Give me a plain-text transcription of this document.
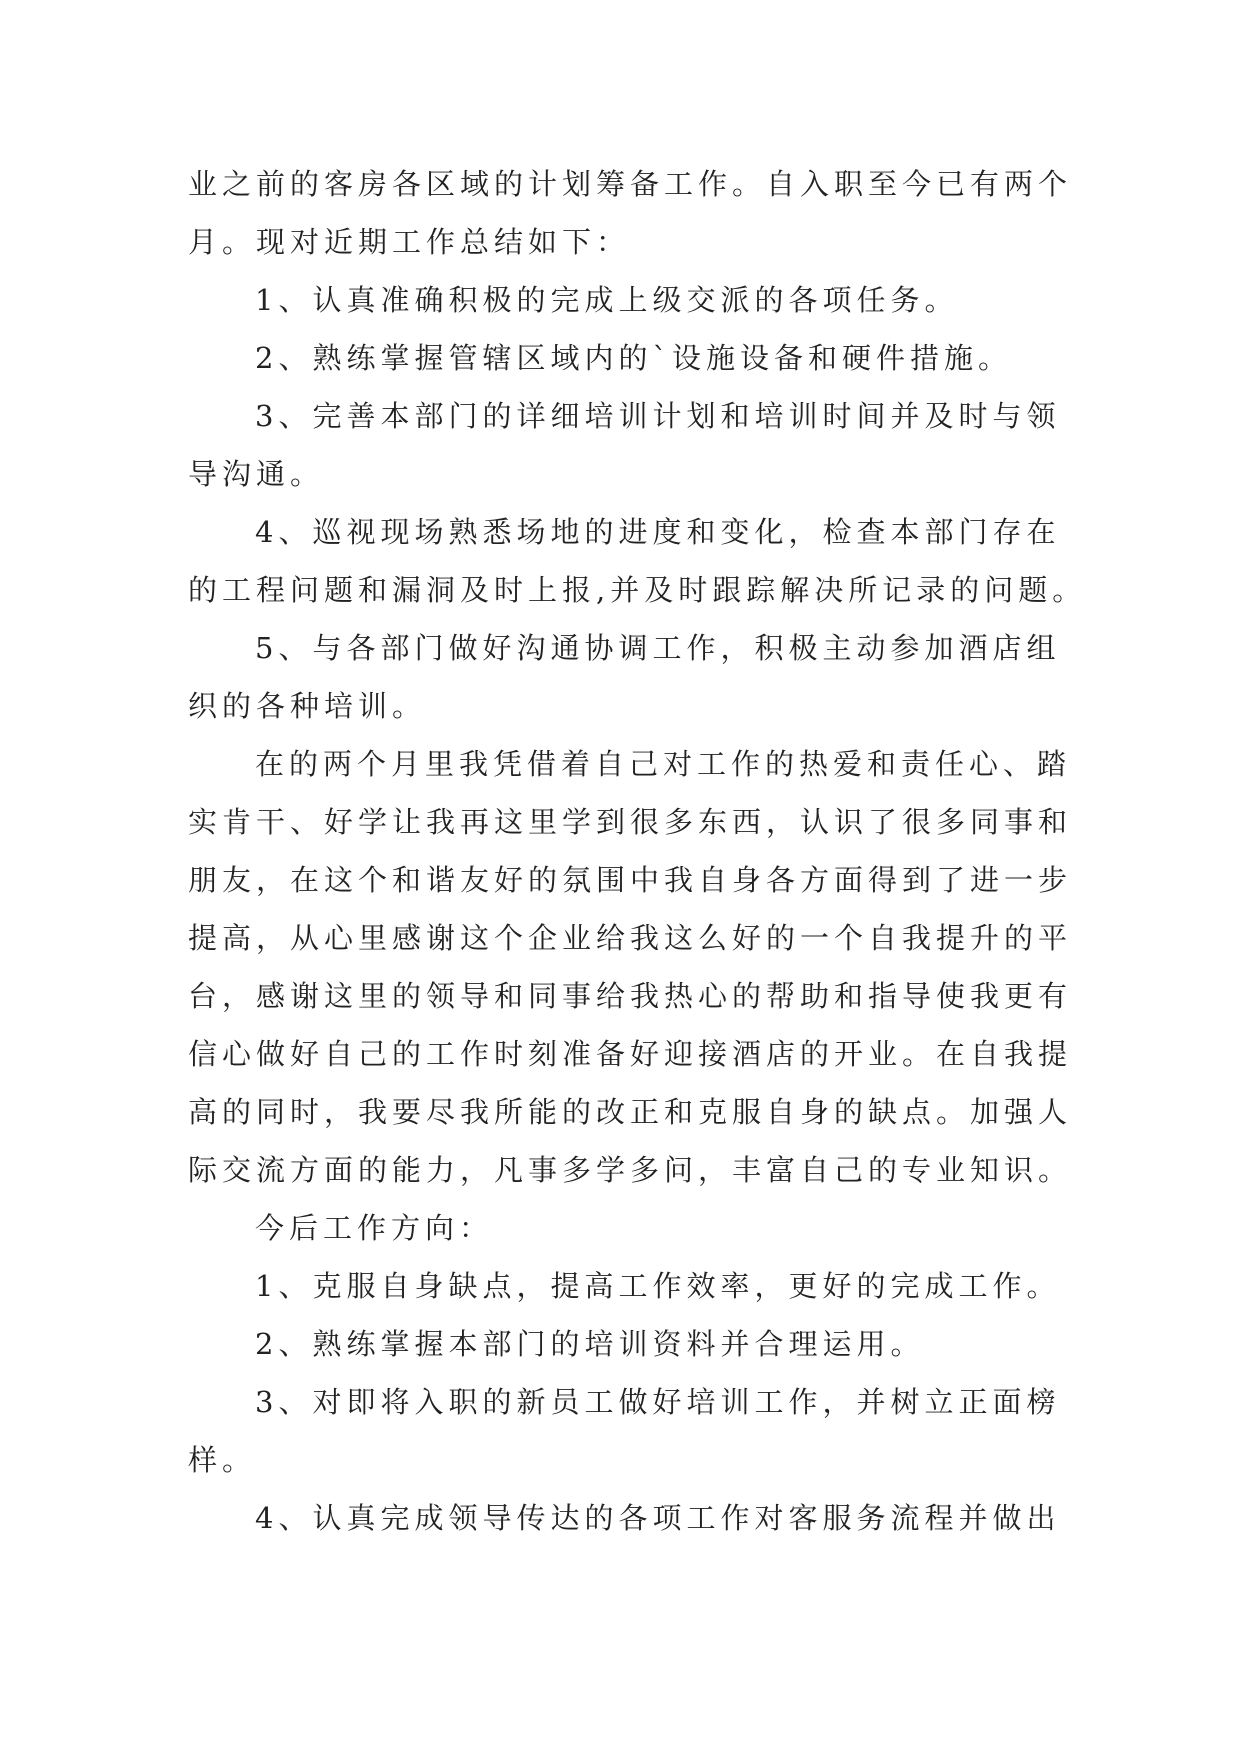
业之前的客房各区域的计划筹备工作。自入职至今已有两个
月。现对近期工作总结如下：
1、认真准确积极的完成上级交派的各项任务。
2、熟练掌握管辖区域内的`设施设备和硬件措施。
3、完善本部门的详细培训计划和培训时间并及时与领
导沟通。
4、巡视现场熟悉场地的进度和变化，检查本部门存在
的工程问题和漏洞及时上报,并及时跟踪解决所记录的问题。
5、与各部门做好沟通协调工作，积极主动参加酒店组
织的各种培训。
在的两个月里我凭借着自己对工作的热爱和责任心、踏
实肯干、好学让我再这里学到很多东西，认识了很多同事和
朋友，在这个和谐友好的氛围中我自身各方面得到了进一步
提高，从心里感谢这个企业给我这么好的一个自我提升的平
台，感谢这里的领导和同事给我热心的帮助和指导使我更有
信心做好自己的工作时刻准备好迎接酒店的开业。在自我提
高的同时，我要尽我所能的改正和克服自身的缺点。加强人
际交流方面的能力，凡事多学多问，丰富自己的专业知识。
今后工作方向：
1、克服自身缺点，提高工作效率，更好的完成工作。
2、熟练掌握本部门的培训资料并合理运用。
3、对即将入职的新员工做好培训工作，并树立正面榜
样。
4、认真完成领导传达的各项工作对客服务流程并做出
